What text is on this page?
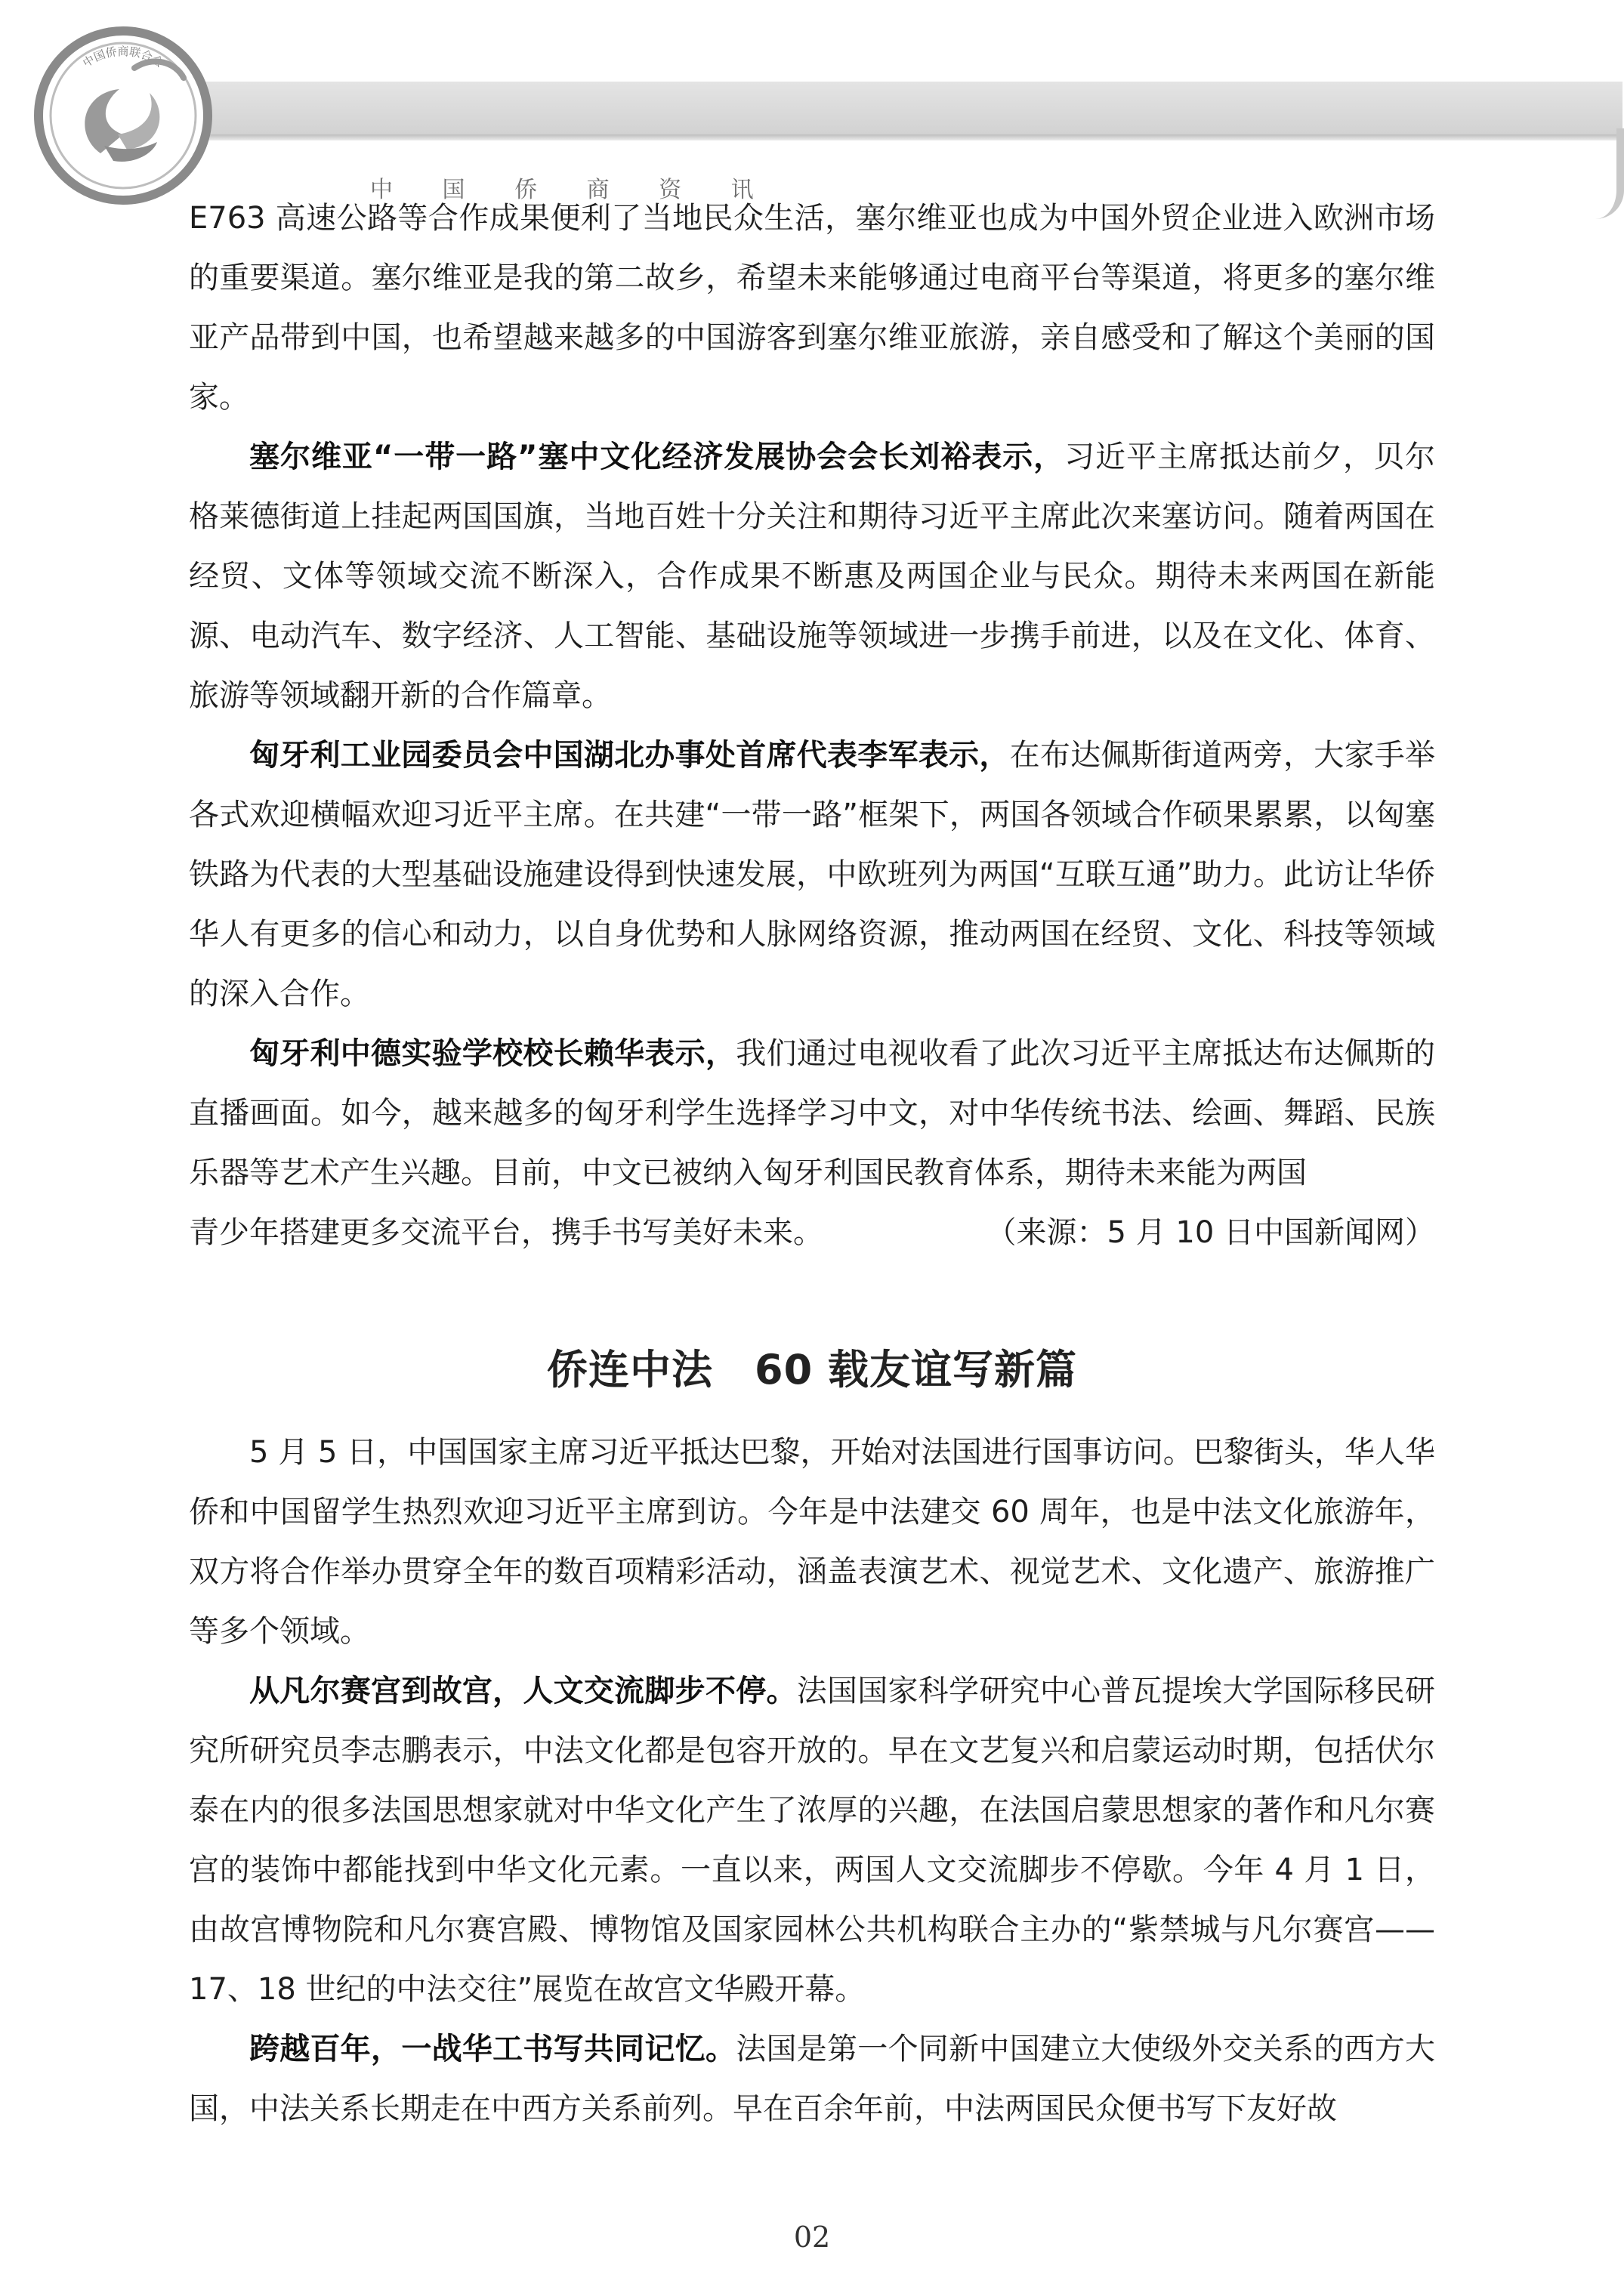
中 国 侨 商 资 讯
中国侨商联合会

E763 高速公路等合作成果便利了当地民众生活，塞尔维亚也成为中国外贸企业进入欧洲市场的重要渠道。塞尔维亚是我的第二故乡，希望未来能够通过电商平台等渠道，将更多的塞尔维亚产品带到中国，也希望越来越多的中国游客到塞尔维亚旅游，亲自感受和了解这个美丽的国家。

塞尔维亚“一带一路”塞中文化经济发展协会会长刘裕表示，习近平主席抵达前夕，贝尔格莱德街道上挂起两国国旗，当地百姓十分关注和期待习近平主席此次来塞访问。随着两国在经贸、文体等领域交流不断深入，合作成果不断惠及两国企业与民众。期待未来两国在新能源、电动汽车、数字经济、人工智能、基础设施等领域进一步携手前进，以及在文化、体育、旅游等领域翻开新的合作篇章。

匈牙利工业园委员会中国湖北办事处首席代表李军表示，在布达佩斯街道两旁，大家手举各式欢迎横幅欢迎习近平主席。在共建“一带一路”框架下，两国各领域合作硕果累累，以匈塞铁路为代表的大型基础设施建设得到快速发展，中欧班列为两国“互联互通”助力。此访让华侨华人有更多的信心和动力，以自身优势和人脉网络资源，推动两国在经贸、文化、科技等领域的深入合作。

匈牙利中德实验学校校长赖华表示，我们通过电视收看了此次习近平主席抵达布达佩斯的直播画面。如今，越来越多的匈牙利学生选择学习中文，对中华传统书法、绘画、舞蹈、民族乐器等艺术产生兴趣。目前，中文已被纳入匈牙利国民教育体系，期待未来能为两国

青少年搭建更多交流平台，携手书写美好未来。	（来源：5 月 10 日中国新闻网）
侨连中法　60 载友谊写新篇

5 月 5 日，中国国家主席习近平抵达巴黎，开始对法国进行国事访问。巴黎街头，华人华侨和中国留学生热烈欢迎习近平主席到访。今年是中法建交 60 周年，也是中法文化旅游年，双方将合作举办贯穿全年的数百项精彩活动，涵盖表演艺术、视觉艺术、文化遗产、旅游推广等多个领域。

从凡尔赛宫到故宫，人文交流脚步不停。法国国家科学研究中心普瓦提埃大学国际移民研究所研究员李志鹏表示，中法文化都是包容开放的。早在文艺复兴和启蒙运动时期，包括伏尔泰在内的很多法国思想家就对中华文化产生了浓厚的兴趣，在法国启蒙思想家的著作和凡尔赛宫的装饰中都能找到中华文化元素。一直以来，两国人文交流脚步不停歇。今年 4 月 1 日，由故宫博物院和凡尔赛宫殿、博物馆及国家园林公共机构联合主办的“紫禁城与凡尔赛宫——17、18 世纪的中法交往”展览在故宫文华殿开幕。

跨越百年，一战华工书写共同记忆。法国是第一个同新中国建立大使级外交关系的西方大国，中法关系长期走在中西方关系前列。早在百余年前，中法两国民众便书写下友好故

02
